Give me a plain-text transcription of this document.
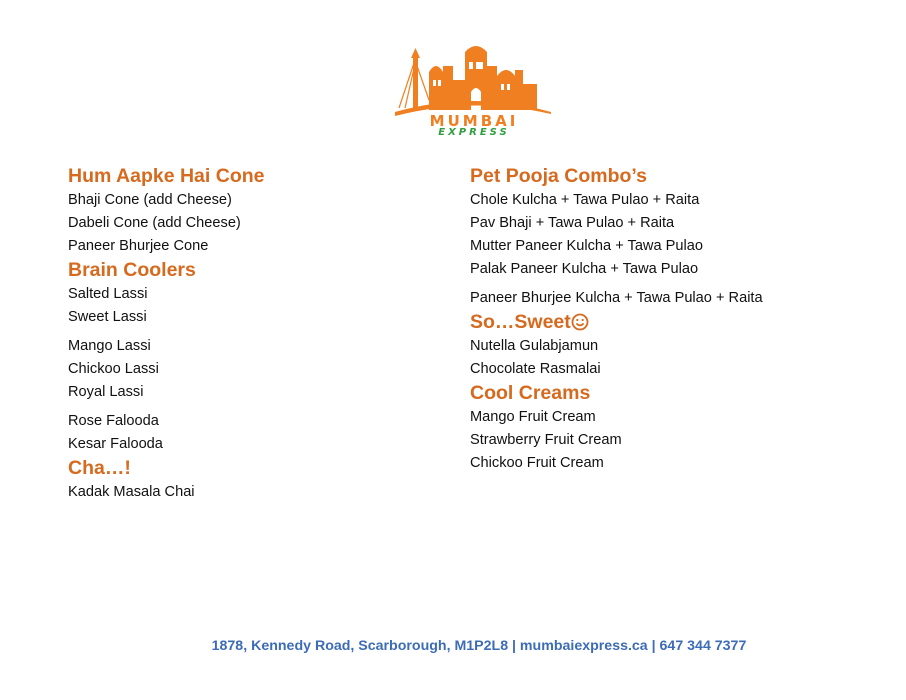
MUMBAI
EXPRESS
Hum Aapke Hai Cone
Bhaji Cone (add Cheese)
Dabeli Cone (add Cheese)
Paneer Bhurjee Cone
Brain Coolers
Salted Lassi
Sweet Lassi
Mango Lassi
Chickoo Lassi
Royal Lassi
Rose Falooda
Kesar Falooda
Cha…!
Kadak Masala Chai
Pet Pooja Combo’s
Chole Kulcha + Tawa Pulao + Raita
Pav Bhaji + Tawa Pulao + Raita
Mutter Paneer Kulcha + Tawa Pulao
Palak Paneer Kulcha + Tawa Pulao
Paneer Bhurjee Kulcha + Tawa Pulao + Raita
So…Sweet
Nutella Gulabjamun
Chocolate Rasmalai
Cool Creams
Mango Fruit Cream
Strawberry Fruit Cream
Chickoo Fruit Cream
1878, Kennedy Road, Scarborough, M1P2L8 | mumbaiexpress.ca | 647 344 7377
